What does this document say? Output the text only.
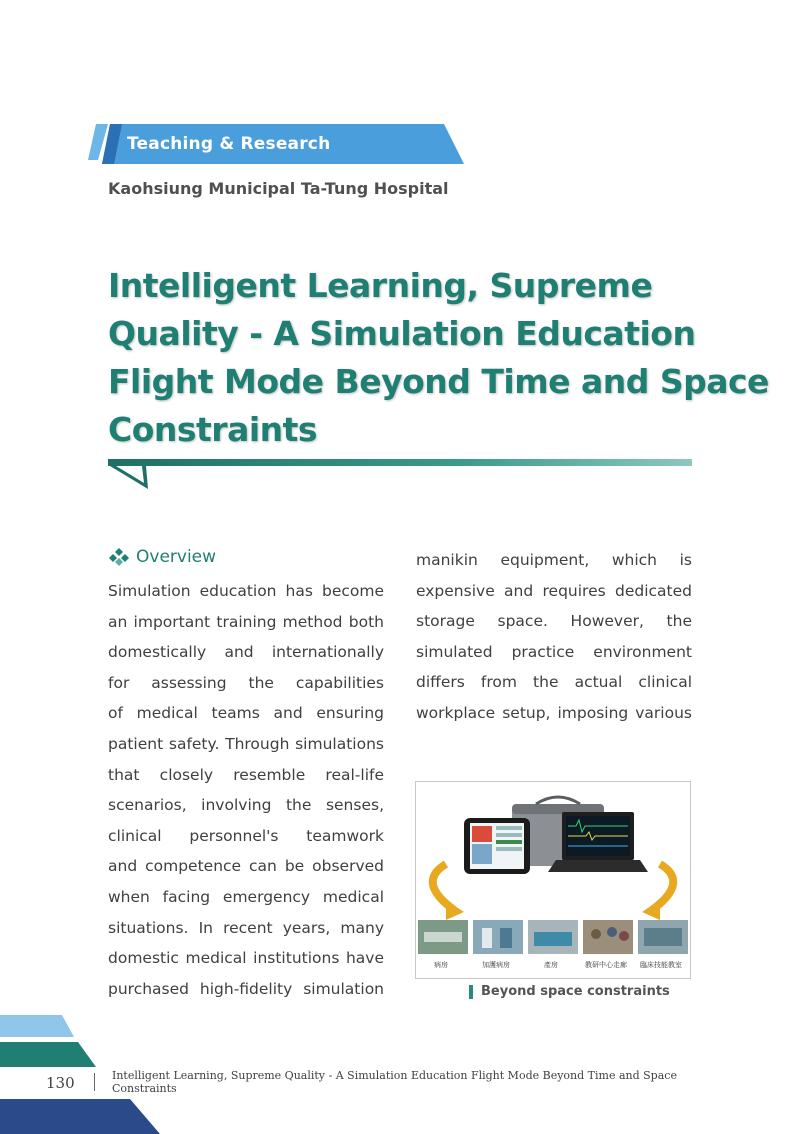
Teaching & Research
Kaohsiung Municipal Ta-Tung Hospital
Intelligent Learning, Supreme
Quality - A Simulation Education
Flight Mode Beyond Time and Space
Constraints
Overview
Simulation education has become
an important training method both
domestically and internationally
for assessing the capabilities
of medical teams and ensuring
patient safety. Through simulations
that closely resemble real-life
scenarios, involving the senses,
clinical personnel's teamwork
and competence can be observed
when facing emergency medical
situations. In recent years, many
domestic medical institutions have
purchased high-fidelity simulation
manikin equipment, which is
expensive and requires dedicated
storage space. However, the
simulated practice environment
differs from the actual clinical
workplace setup, imposing various
病房	加護病房	產房	教研中心走廊	臨床技能教室
Beyond space constraints
130	Intelligent Learning, Supreme Quality - A Simulation Education Flight Mode Beyond Time and Space Constraints
